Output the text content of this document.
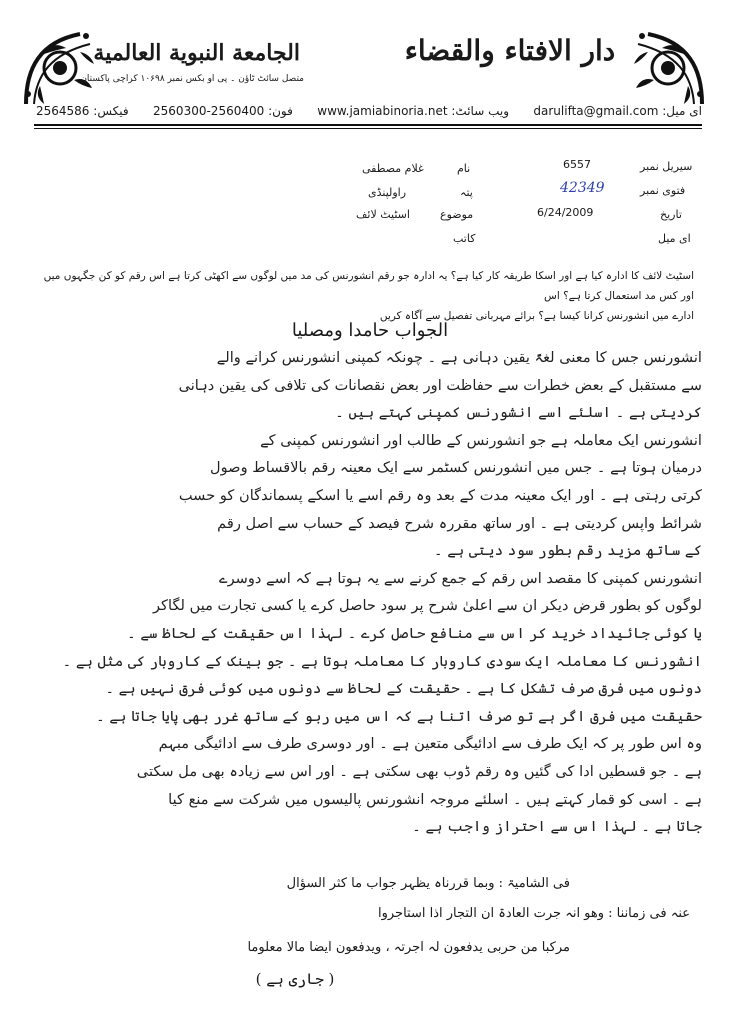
الجامعة النبوية العالمية
متصل سائٹ ٹاؤن ۔ پی او بکس نمبر ۱۰۶۹۸ کراچی پاکستان
دار الافتاء والقضاء
ای میل: darulifta@gmail.com
ویب سائٹ: www.jamiabinoria.net
فون: 2560300-2560400
فیکس: 2564586
سیریل نمبر
6557
فتوی نمبر
42349
تاریخ
6/24/2009
ای میل
نام
غلام مصطفی
پتہ
راولپنڈی
موضوع
اسٹیٹ لائف
کاتب
اسٹیٹ لائف کا ادارہ کیا ہے اور اسکا طریقہ کار کیا ہے؟ یہ ادارہ جو رقم انشورنس کی مد میں لوگوں سے اکھٹی کرتا ہے اس رقم کو کن جگہوں میں اور کس مد استعمال کرتا ہے؟ اس
ادارے میں انشورنس کرانا کیسا ہے؟ برائے مہربانی تفصیل سے آگاہ کریں
الجواب حامدا ومصلیا
انشورنس جس کا معنی لغۃً یقین دہانی ہے ۔ چونکہ کمپنی انشورنس کرانے والے
سے مستقبل کے بعض خطرات سے حفاظت اور بعض نقصانات کی تلافی کی یقین دہانی
کردیتی ہے ۔ اسلئے اسے انشورنس کمپنی کہتے ہیں ۔
انشورنس ایک معاملہ ہے جو انشورنس کے طالب اور انشورنس کمپنی کے
درمیان ہوتا ہے ۔ جس میں انشورنس کسٹمر سے ایک معینہ رقم بالاقساط وصول
کرتی رہتی ہے ۔ اور ایک معینہ مدت کے بعد وہ رقم اسے یا اسکے پسماندگان کو حسب
شرائط واپس کردیتی ہے ۔ اور ساتھ مقررہ شرح فیصد کے حساب سے اصل رقم
کے ساتھ مزید رقم بطور سود دیتی ہے ۔
انشورنس کمپنی کا مقصد اس رقم کے جمع کرنے سے یہ ہوتا ہے کہ اسے دوسرے
لوگوں کو بطور قرض دیکر ان سے اعلیٰ شرح پر سود حاصل کرے یا کسی تجارت میں لگاکر
یا کوئی جائیداد خرید کر اس سے منافع حاصل کرے ۔ لہذا اس حقیقت کے لحاظ سے ۔
انشورنس کا معاملہ ایک سودی کاروبار کا معاملہ ہوتا ہے ۔ جو بینک کے کاروبار کی مثل ہے ۔
دونوں میں فرق صرف تشکل کا ہے ۔ حقیقت کے لحاظ سے دونوں میں کوئی فرق نہیں ہے ۔
حقیقت میں فرق اگر ہے تو صرف اتنا ہے کہ اس میں ربو کے ساتھ غرر بھی پایا جاتا ہے ۔
وہ اس طور پر کہ ایک طرف سے ادائیگی متعین ہے ۔ اور دوسری طرف سے ادائیگی مبہم
ہے ۔ جو قسطیں ادا کی گئیں وہ رقم ڈوب بھی سکتی ہے ۔ اور اس سے زیادہ بھی مل سکتی
ہے ۔ اسی کو قمار کہتے ہیں ۔ اسلئے مروجہ انشورنس پالیسوں میں شرکت سے منع کیا
جاتا ہے ۔ لہذا اس سے احتراز واجب ہے ۔
فی الشامیۃ : وبما قررناہ یظہر جواب ما کثر السؤال
عنہ فی زماننا : وھو انہ جرت العادۃ ان التجار اذا استاجروا
مرکبا من حربی یدفعون لہ اجرتہ ، ویدفعون ایضا مالا معلوما
( جاری ہے )
